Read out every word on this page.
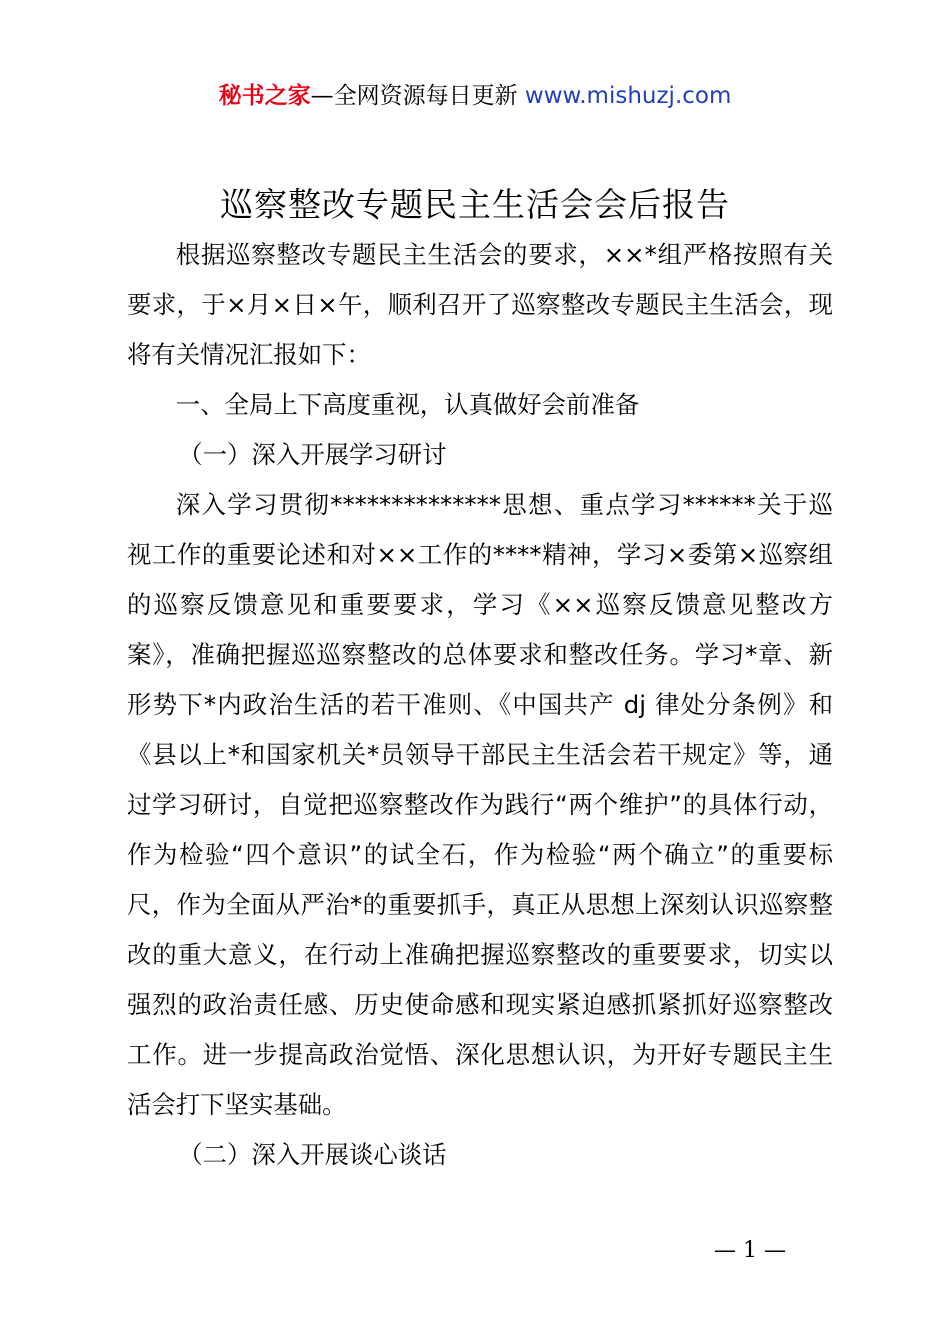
秘书之家—全网资源每日更新 www.mishuzj.com
巡察整改专题民主生活会会后报告

根据巡察整改专题民主生活会的要求，××*组严格按照有关要求，于×月×日×午，顺利召开了巡察整改专题民主生活会，现将有关情况汇报如下：

一、全局上下高度重视，认真做好会前准备

（一）深入开展学习研讨

深入学习贯彻**************思想、重点学习******关于巡视工作的重要论述和对××工作的****精神，学习×委第×巡察组的巡察反馈意见和重要要求，学习《××巡察反馈意见整改方案》，准确把握巡巡察整改的总体要求和整改任务。学习*章、新形势下*内政治生活的若干准则、《中国共产 dj 律处分条例》和《县以上*和国家机关*员领导干部民主生活会若干规定》等，通过学习研讨，自觉把巡察整改作为践行“两个维护”的具体行动，作为检验“四个意识”的试全石，作为检验“两个确立”的重要标尺，作为全面从严治*的重要抓手，真正从思想上深刻认识巡察整改的重大意义，在行动上准确把握巡察整改的重要要求，切实以强烈的政治责任感、历史使命感和现实紧迫感抓紧抓好巡察整改工作。进一步提高政治觉悟、深化思想认识，为开好专题民主生活会打下坚实基础。

（二）深入开展谈心谈话

— 1 —
